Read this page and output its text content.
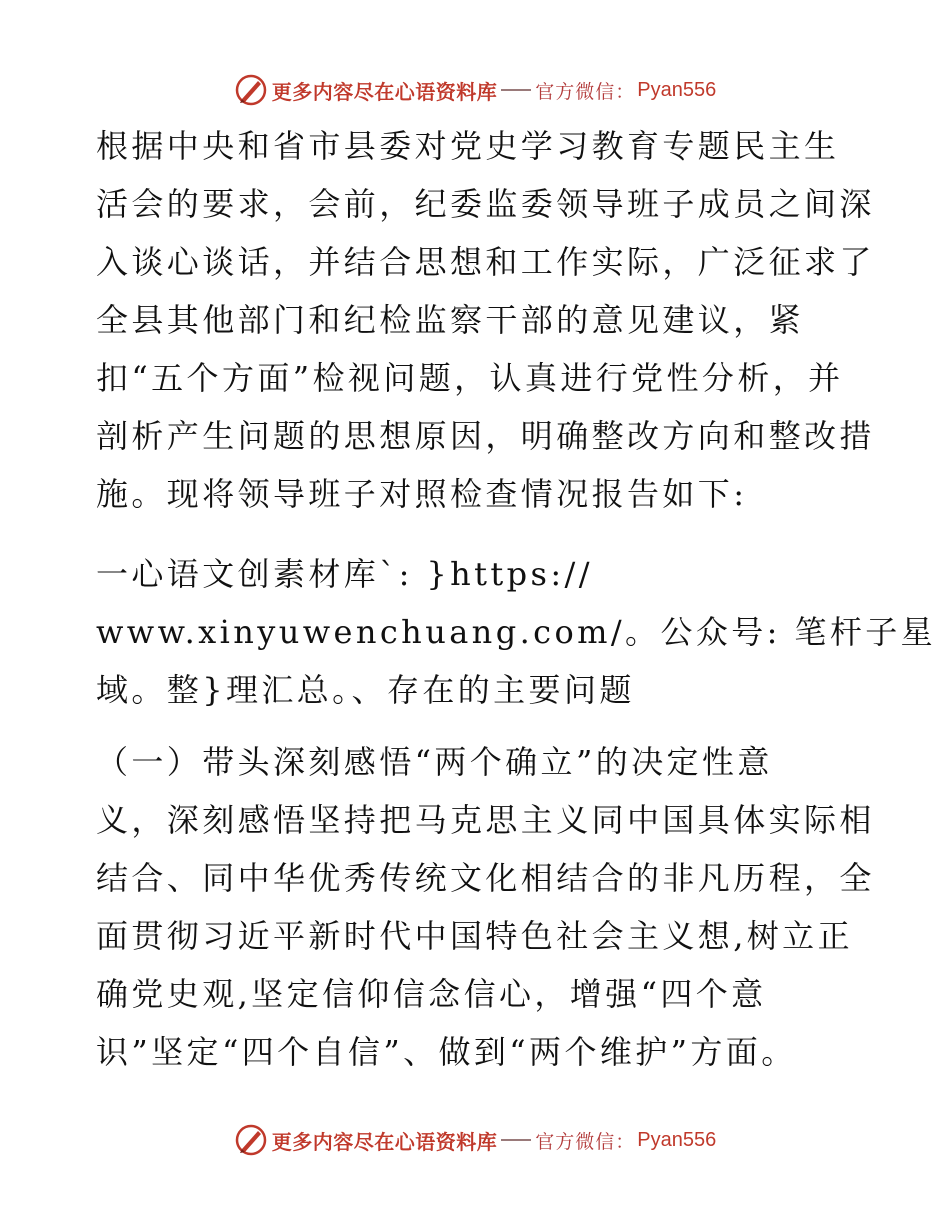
更多内容尽在心语资料库 官方微信： Pyan556
根据中央和省市县委对党史学习教育专题民主生
活会的要求，会前，纪委监委领导班子成员之间深
入谈心谈话，并结合思想和工作实际，广泛征求了
全县其他部门和纪检监察干部的意见建议，紧
扣“五个方面”检视问题，认真进行党性分析，并
剖析产生问题的思想原因，明确整改方向和整改措
施。现将领导班子对照检查情况报告如下:
一心语文创素材库`: }https://
www.xinyuwenchuang.com/。公众号: 笔杆子星
域。整}理汇总。、存在的主要问题
（一）带头深刻感悟“两个确立”的决定性意
义，深刻感悟坚持把马克思主义同中国具体实际相
结合、同中华优秀传统文化相结合的非凡历程，全
面贯彻习近平新时代中国特色社会主义想,树立正
确党史观,坚定信仰信念信心，增强“四个意
识”坚定“四个自信”、做到“两个维护”方面。
更多内容尽在心语资料库 官方微信： Pyan556
